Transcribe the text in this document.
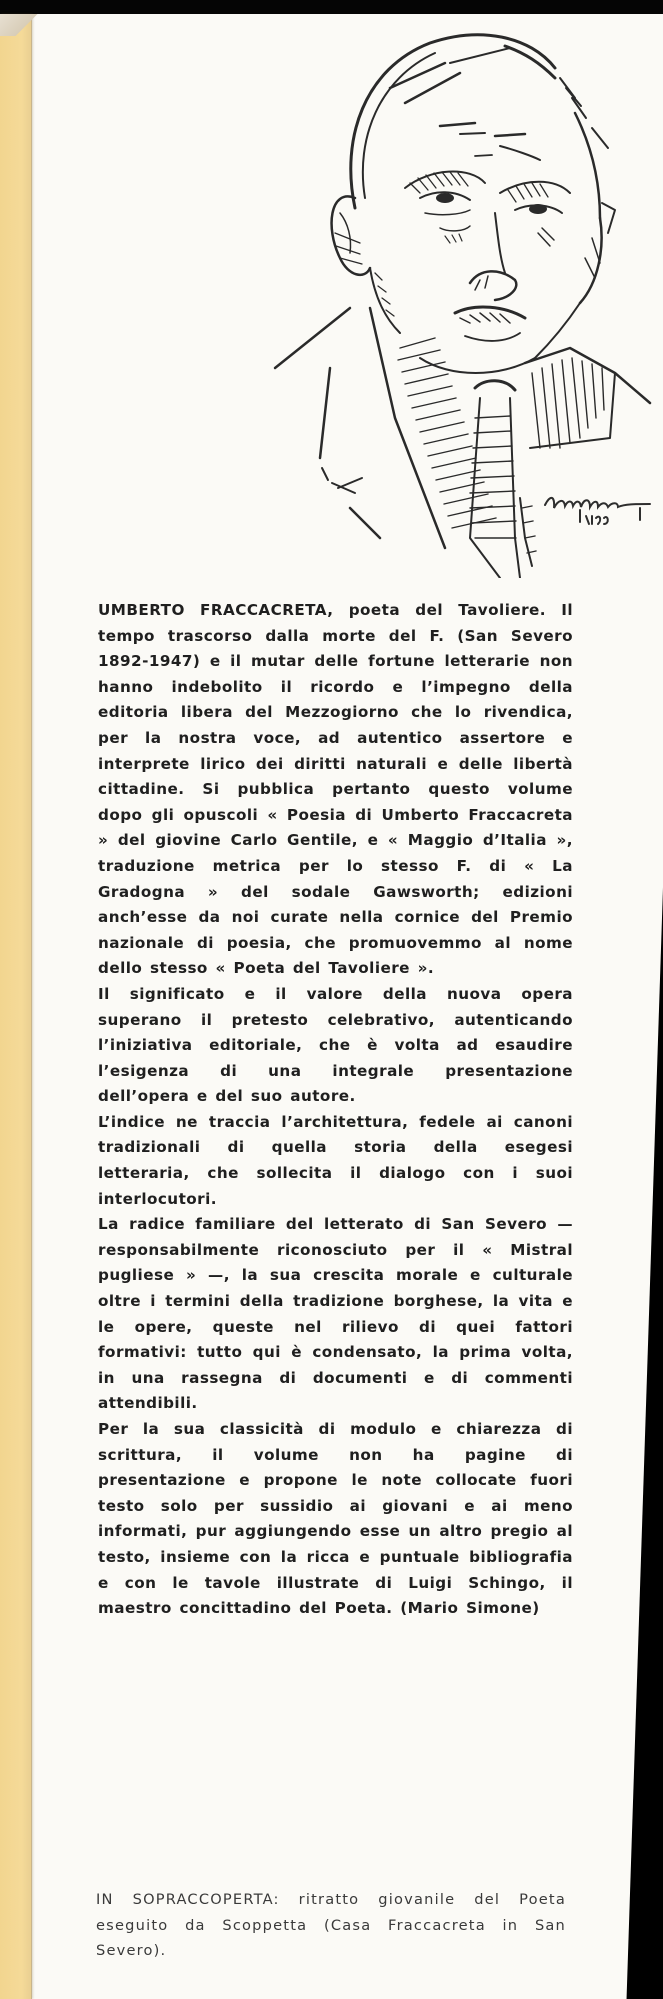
UMBERTO FRACCACRETA, poeta del Tavoliere. Il tempo trascorso dalla morte del F. (San Severo 1892-1947) e il mutar delle fortune letterarie non hanno indebolito il ricordo e l’impegno della editoria libera del Mezzogiorno che lo rivendica, per la nostra voce, ad autentico assertore e interprete lirico dei diritti naturali e delle libertà cittadine. Si pubblica pertanto questo volume dopo gli opuscoli « Poesia di Umberto Fraccacreta » del giovine Carlo Gentile, e « Maggio d’Italia », traduzione metrica per lo stesso F. di « La Gradogna » del sodale Gawsworth; edizioni anch’esse da noi curate nella cornice del Premio nazionale di poesia, che promuovemmo al nome dello stesso « Poeta del Tavoliere ».

Il significato e il valore della nuova opera superano il pretesto celebrativo, autenticando l’iniziativa editoriale, che è volta ad esaudire l’esigenza di una integrale presentazione dell’opera e del suo autore.

L’indice ne traccia l’architettura, fedele ai canoni tradizionali di quella storia della esegesi letteraria, che sollecita il dialogo con i suoi interlocutori.

La radice familiare del letterato di San Severo — responsabilmente riconosciuto per il « Mistral pugliese » —, la sua crescita morale e culturale oltre i termini della tradizione borghese, la vita e le opere, queste nel rilievo di quei fattori formativi: tutto qui è condensato, la prima volta, in una rassegna di documenti e di commenti attendibili.

Per la sua classicità di modulo e chiarezza di scrittura, il volume non ha pagine di presentazione e propone le note collocate fuori testo solo per sussidio ai giovani e ai meno informati, pur aggiungendo esse un altro pregio al testo, insieme con la ricca e puntuale bibliografia e con le tavole illustrate di Luigi Schingo, il maestro concittadino del Poeta. (Mario Simone)

IN SOPRACCOPERTA: ritratto giovanile del Poeta eseguito da Scoppetta (Casa Fraccacreta in San Severo).
